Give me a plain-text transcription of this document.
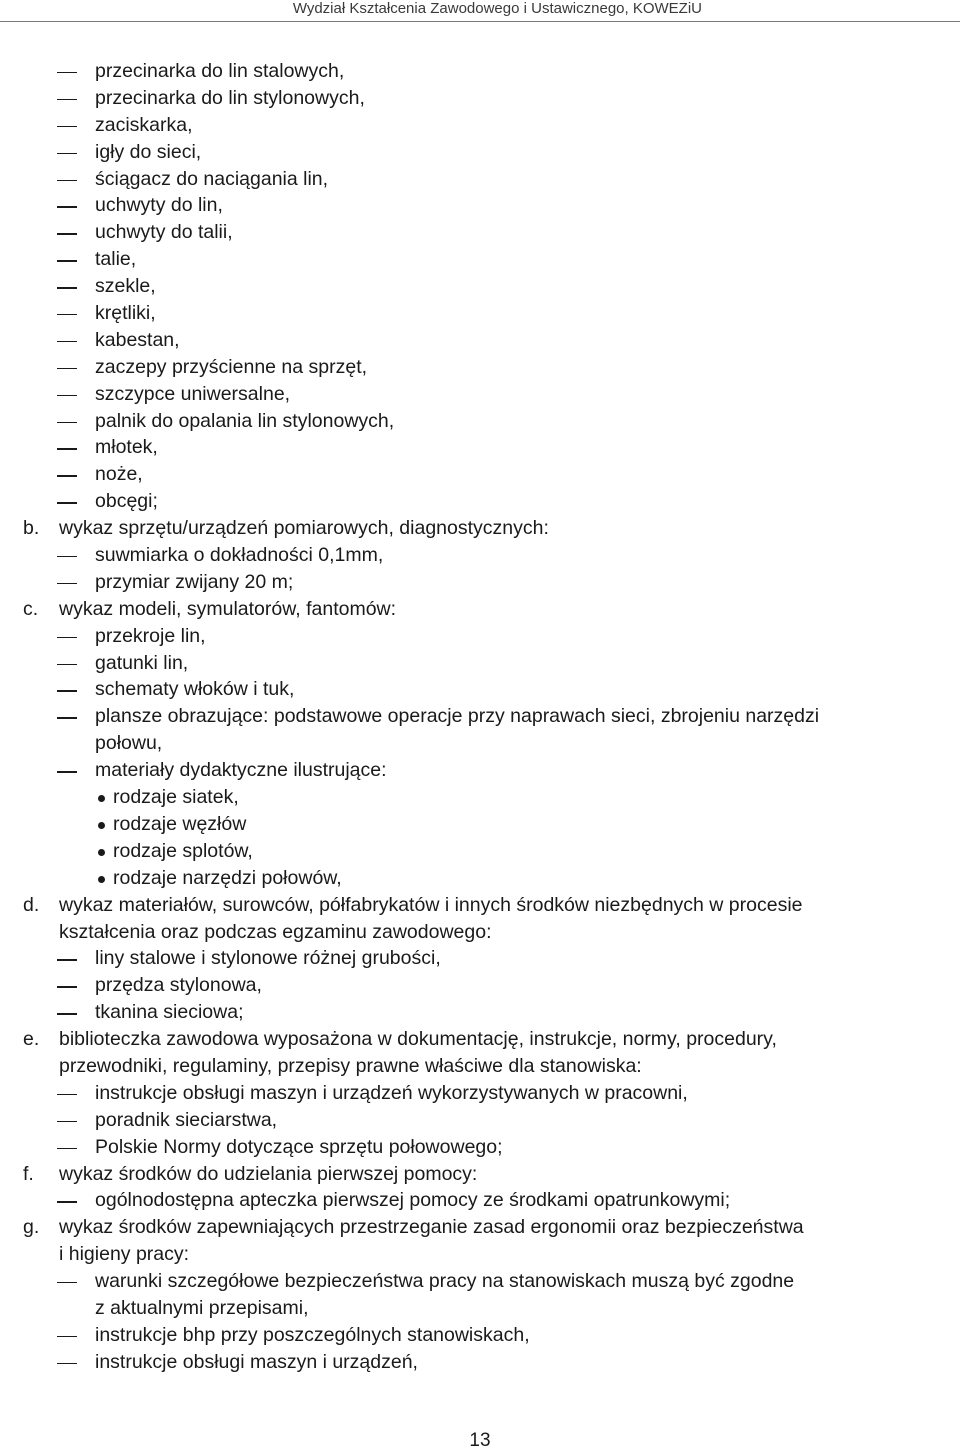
Wydział Kształcenia Zawodowego i Ustawicznego, KOWEZiU
przecinarka do lin stalowych,
przecinarka do lin stylonowych,
zaciskarka,
igły do sieci,
ściągacz do naciągania lin,
uchwyty do lin,
uchwyty do talii,
talie,
szekle,
krętliki,
kabestan,
zaczepy przyścienne na sprzęt,
szczypce uniwersalne,
palnik do opalania lin stylonowych,
młotek,
noże,
obcęgi;
b. wykaz sprzętu/urządzeń pomiarowych, diagnostycznych:
suwmiarka o dokładności 0,1mm,
przymiar zwijany 20 m;
c. wykaz modeli, symulatorów, fantomów:
przekroje lin,
gatunki lin,
schematy włoków i tuk,
plansze obrazujące: podstawowe operacje przy naprawach sieci, zbrojeniu narzędzi
połowu,
materiały dydaktyczne ilustrujące:
rodzaje siatek,
rodzaje węzłów
rodzaje splotów,
rodzaje narzędzi połowów,
d. wykaz materiałów, surowców, półfabrykatów i innych środków niezbędnych w procesie
kształcenia oraz podczas egzaminu zawodowego:
liny stalowe i stylonowe różnej grubości,
przędza stylonowa,
tkanina sieciowa;
e. biblioteczka zawodowa wyposażona w dokumentację, instrukcje, normy, procedury,
przewodniki, regulaminy, przepisy prawne właściwe dla stanowiska:
instrukcje obsługi maszyn i urządzeń wykorzystywanych w pracowni,
poradnik sieciarstwa,
Polskie Normy dotyczące sprzętu połowowego;
f. wykaz środków do udzielania pierwszej pomocy:
ogólnodostępna apteczka pierwszej pomocy ze środkami opatrunkowymi;
g. wykaz środków zapewniających przestrzeganie zasad ergonomii oraz bezpieczeństwa
i higieny pracy:
warunki szczegółowe bezpieczeństwa pracy na stanowiskach muszą być zgodne
z aktualnymi przepisami,
instrukcje bhp przy poszczególnych stanowiskach,
instrukcje obsługi maszyn i urządzeń,
13
